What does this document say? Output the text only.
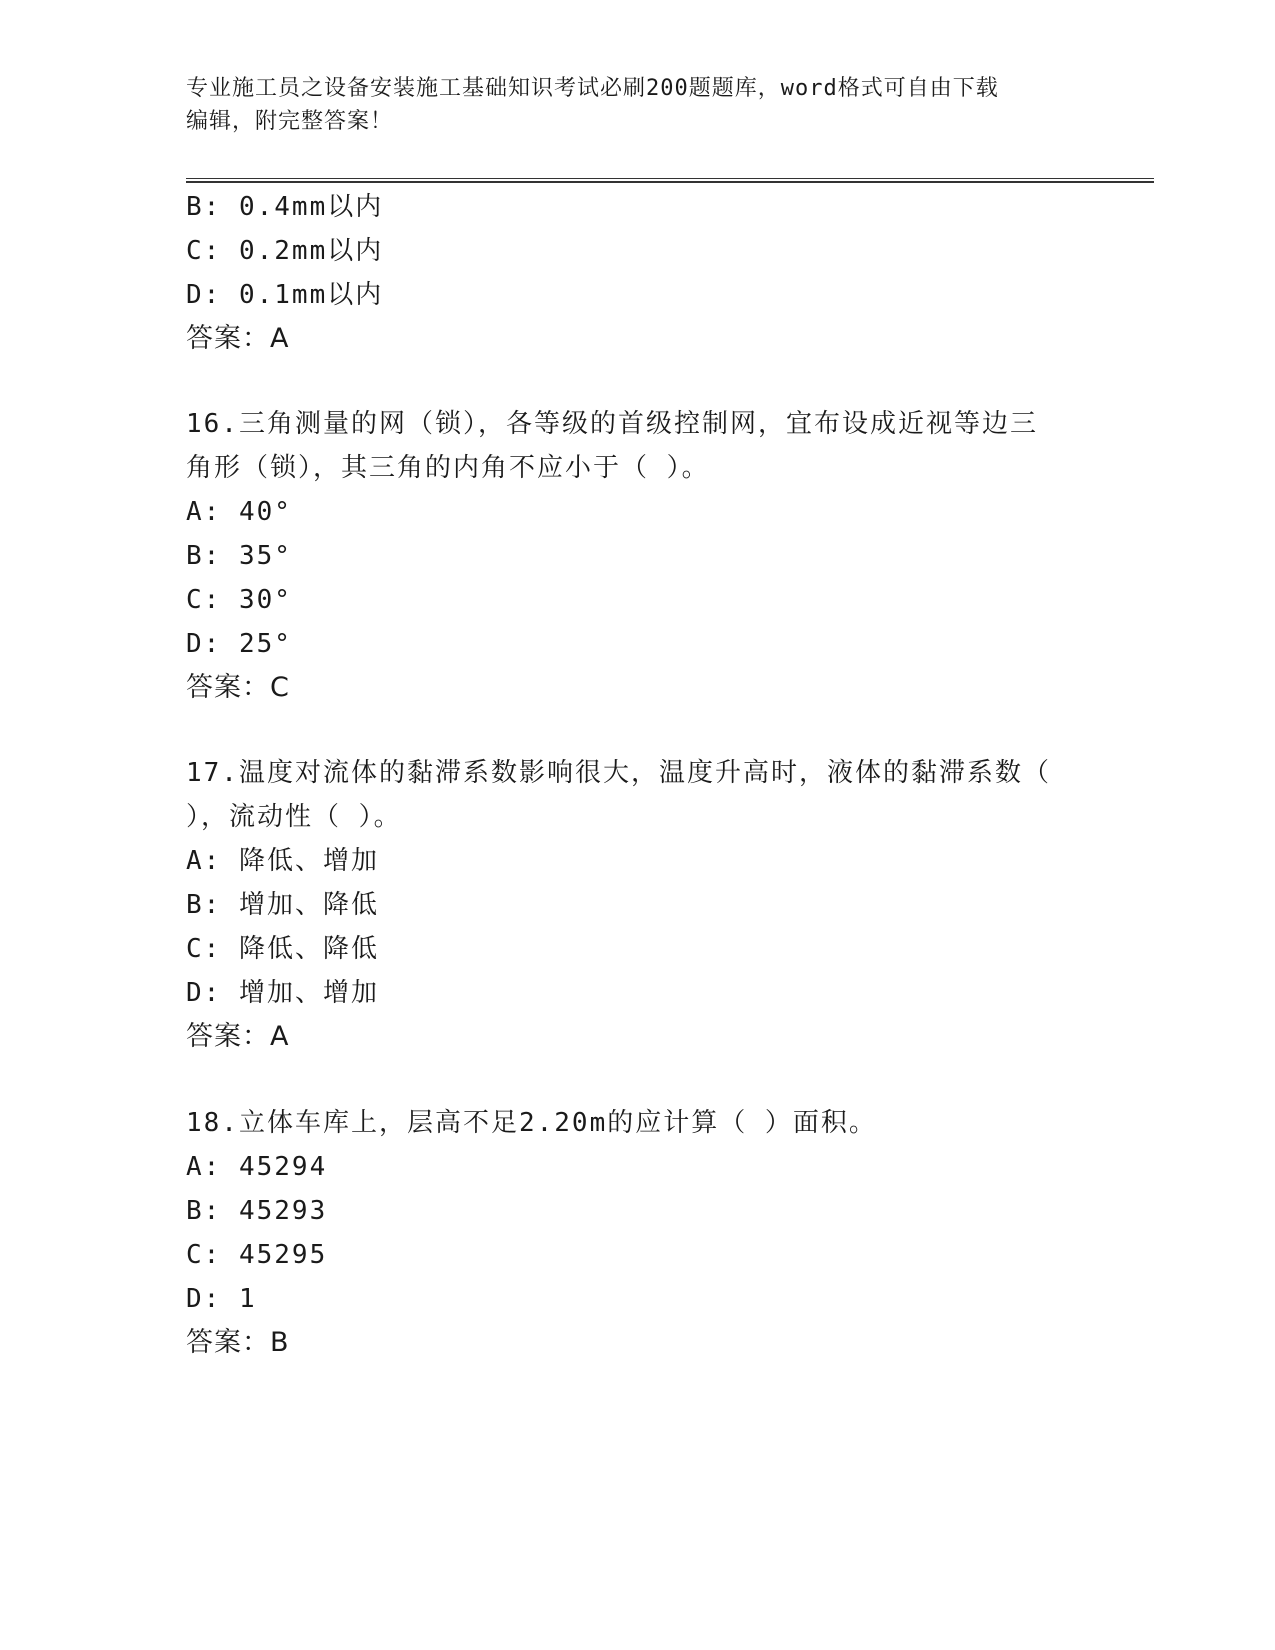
专业施工员之设备安装施工基础知识考试必刷200题题库，word格式可自由下载
编辑，附完整答案！
B: 0.4mm以内
C: 0.2mm以内
D: 0.1mm以内
答案：A
16.三角测量的网（锁），各等级的首级控制网，宜布设成近视等边三
角形（锁），其三角的内角不应小于（ ）。
A: 40°
B: 35°
C: 30°
D: 25°
答案：C
17.温度对流体的黏滞系数影响很大，温度升高时，液体的黏滞系数（
），流动性（ ）。
A: 降低、增加
B: 增加、降低
C: 降低、降低
D: 增加、增加
答案：A
18.立体车库上，层高不足2.20m的应计算（ ）面积。
A: 45294
B: 45293
C: 45295
D: 1
答案：B
